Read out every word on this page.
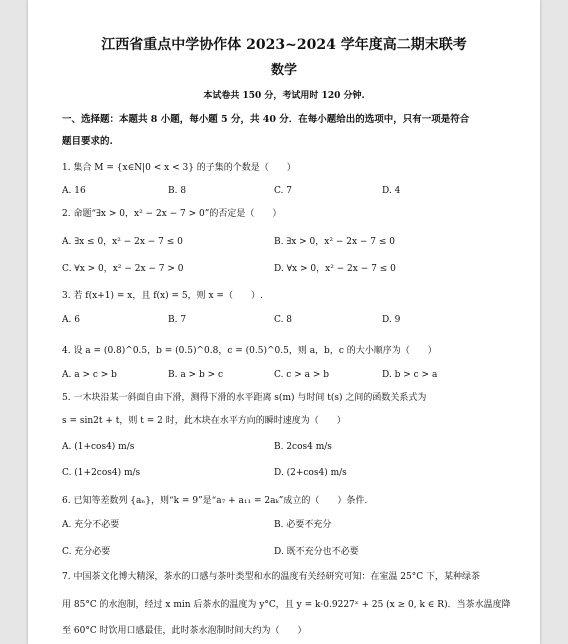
江西省重点中学协作体 2023~2024 学年度高二期末联考
数学
本试卷共 150 分，考试用时 120 分钟.
一、选择题：本题共 8 小题，每小题 5 分，共 40 分．在每小题给出的选项中，只有一项是符合
题目要求的.
1. 集合 M = {x∈N|0 < x < 3} 的子集的个数是（　　）
A. 16	B. 8	C. 7	D. 4
2. 命题“∃x > 0，x² − 2x − 7 > 0”的否定是（　　）
A. ∃x ≤ 0，x² − 2x − 7 ≤ 0	B. ∃x > 0，x² − 2x − 7 ≤ 0
C. ∀x > 0，x² − 2x − 7 > 0	D. ∀x > 0，x² − 2x − 7 ≤ 0
3. 若 f(x+1) = x，且 f(x) = 5，则 x =（　　）.
A. 6	B. 7	C. 8	D. 9
4. 设 a = (0.8)^0.5，b = (0.5)^0.8，c = (0.5)^0.5，则 a，b，c 的大小顺序为（　　）
A. a > c > b	B. a > b > c	C. c > a > b	D. b > c > a
5. 一木块沿某一斜面自由下滑，测得下滑的水平距离 s(m) 与时间 t(s) 之间的函数关系式为
s = sin2t + t，则 t = 2 时，此木块在水平方向的瞬时速度为（　　）
A. (1+cos4) m/s	B. 2cos4 m/s
C. (1+2cos4) m/s	D. (2+cos4) m/s
6. 已知等差数列 {aₙ}，则“k = 9”是“a₇ + a₁₁ = 2aₖ”成立的（　　）条件.
A. 充分不必要	B. 必要不充分
C. 充分必要	D. 既不充分也不必要
7. 中国茶文化博大精深，茶水的口感与茶叶类型和水的温度有关经研究可知：在室温 25°C 下，某种绿茶
用 85°C 的水泡制，经过 x min 后茶水的温度为 y°C，且 y = k·0.9227ˣ + 25 (x ≥ 0, k ∈ R)．当茶水温度降
至 60°C 时饮用口感最佳，此时茶水泡制时间大约为（　　）
